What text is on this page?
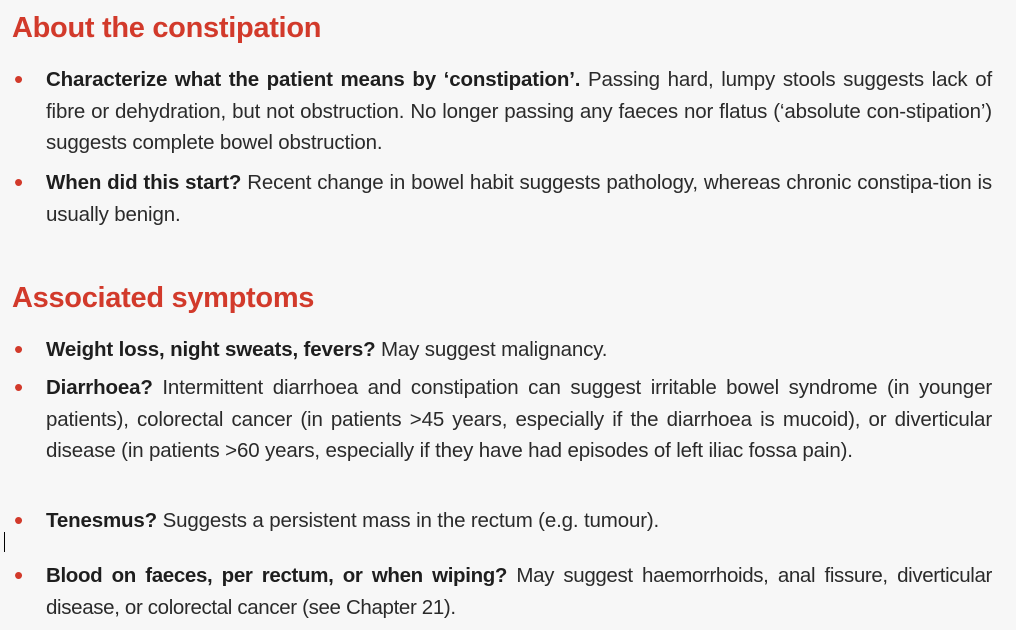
About the constipation
•	Characterize what the patient means by ‘constipation’. Passing hard, lumpy stools suggests lack of fibre or dehydration, but not obstruction. No longer passing any faeces nor flatus (‘absolute con-stipation’) suggests complete bowel obstruction.
•	When did this start? Recent change in bowel habit suggests pathology, whereas chronic constipa-tion is usually benign.
Associated symptoms
•	Weight loss, night sweats, fevers? May suggest malignancy.
•	Diarrhoea? Intermittent diarrhoea and constipation can suggest irritable bowel syndrome (in younger patients), colorectal cancer (in patients >45 years, especially if the diarrhoea is mucoid), or diverticular disease (in patients >60 years, especially if they have had episodes of left iliac fossa pain).
•	Tenesmus? Suggests a persistent mass in the rectum (e.g. tumour).
•	Blood on faeces, per rectum, or when wiping? May suggest haemorrhoids, anal fissure, diverticular disease, or colorectal cancer (see Chapter 21).
